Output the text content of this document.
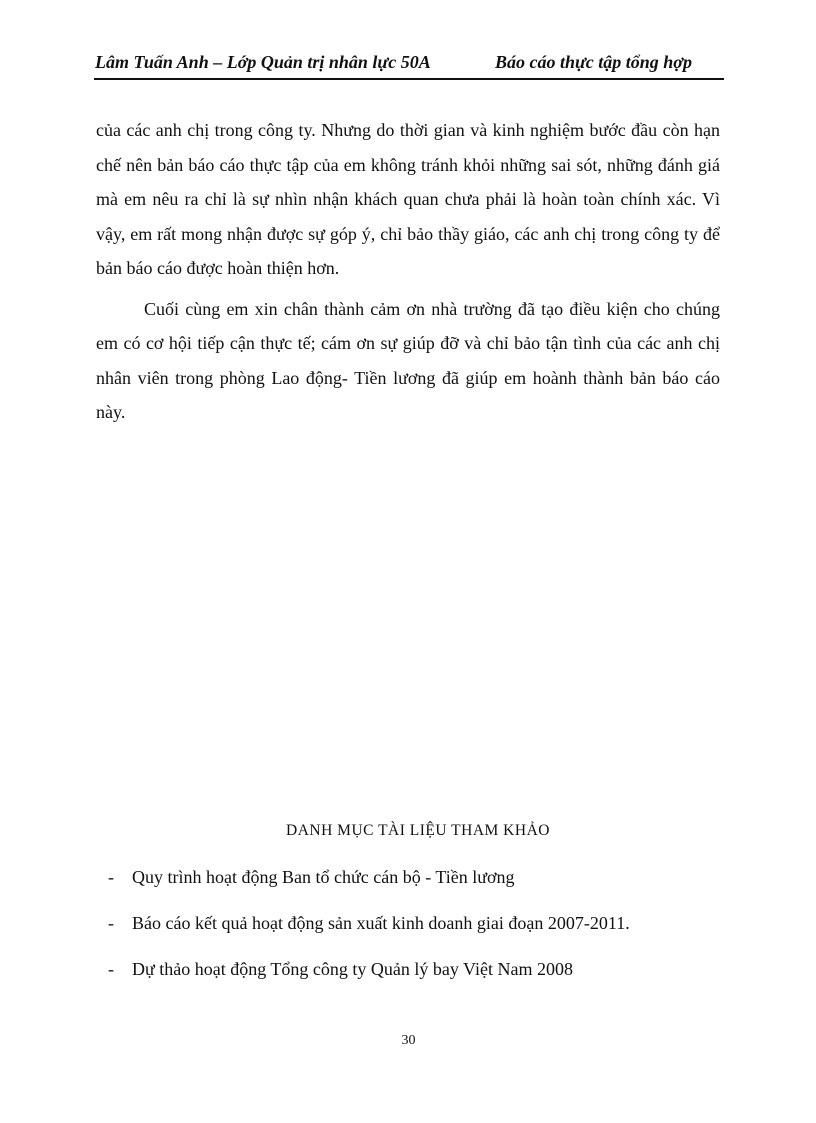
Lâm Tuấn Anh – Lớp Quản trị nhân lực 50A	Báo cáo thực tập tổng hợp

của các anh chị trong công ty. Nhưng do thời gian và kinh nghiệm bước đầu còn hạn chế nên bản báo cáo thực tập của em không tránh khỏi những sai sót, những đánh giá mà em nêu ra chỉ là sự nhìn nhận khách quan chưa phải là hoàn toàn chính xác. Vì vậy, em rất mong nhận được sự góp ý, chỉ bảo thầy giáo, các anh chị trong công ty để bản báo cáo được hoàn thiện hơn.

Cuối cùng em xin chân thành cảm ơn nhà trường đã tạo điều kiện cho chúng em có cơ hội tiếp cận thực tế; cám ơn sự giúp đỡ và chỉ bảo tận tình của các anh chị nhân viên trong phòng Lao động- Tiền lương đã giúp em hoành thành bản báo cáo này.

DANH MỤC TÀI LIỆU THAM KHẢO
- Quy trình hoạt động Ban tổ chức cán bộ - Tiền lương
- Báo cáo kết quả hoạt động sản xuất kinh doanh giai đoạn 2007-2011.
- Dự thảo hoạt động Tổng công ty Quản lý bay Việt Nam 2008
30
